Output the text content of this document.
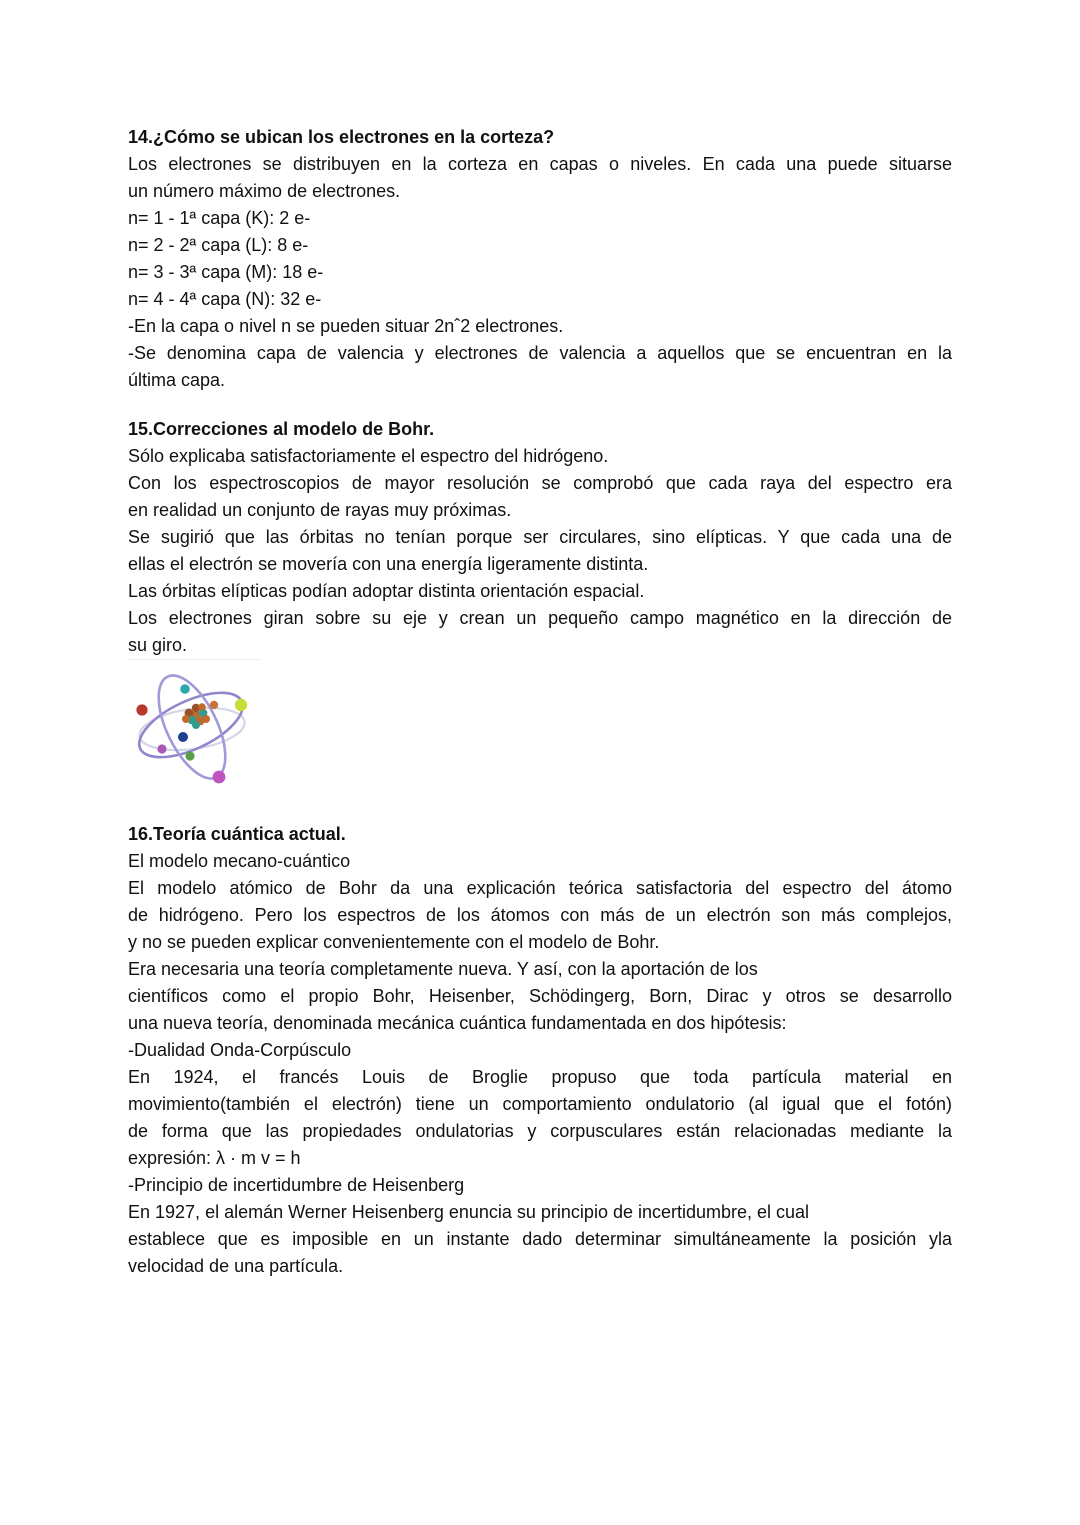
14.¿Cómo se ubican los electrones en la corteza?
Los electrones se distribuyen en la corteza en capas o niveles. En cada una puede situarse
un número máximo de electrones.
n= 1 - 1ª capa (K): 2 e-
n= 2 - 2ª capa (L): 8 e-
n= 3 - 3ª capa (M): 18 e-
n= 4 - 4ª capa (N): 32 e-
-En la capa o nivel n se pueden situar 2nˆ2 electrones.
-Se denomina capa de valencia y electrones de valencia a aquellos que se encuentran en la
última capa.
15.Correcciones al modelo de Bohr.
Sólo explicaba satisfactoriamente el espectro del hidrógeno.
Con los espectroscopios de mayor resolución se comprobó que cada raya del espectro era
en realidad un conjunto de rayas muy próximas.
Se sugirió que las órbitas no tenían porque ser circulares, sino elípticas. Y que cada una de
ellas el electrón se movería con una energía ligeramente distinta.
Las órbitas elípticas podían adoptar distinta orientación espacial.
Los electrones giran sobre su eje y crean un pequeño campo magnético en la dirección de
su giro.
16.Teoría cuántica actual.
El modelo mecano-cuántico
El modelo atómico de Bohr da una explicación teórica satisfactoria del espectro del átomo
de hidrógeno. Pero los espectros de los átomos con más de un electrón son más complejos,
y no se pueden explicar convenientemente con el modelo de Bohr.
Era necesaria una teoría completamente nueva. Y así, con la aportación de los
científicos como el propio Bohr, Heisenber, Schödingerg, Born, Dirac y otros se desarrollo
una nueva teoría, denominada mecánica cuántica fundamentada en dos hipótesis:
-Dualidad Onda-Corpúsculo
En 1924, el francés Louis de Broglie propuso que toda partícula material en
movimiento(también el electrón) tiene un comportamiento ondulatorio (al igual que el fotón)
de forma que las propiedades ondulatorias y corpusculares están relacionadas mediante la
expresión: λ · m v = h
-Principio de incertidumbre de Heisenberg
En 1927, el alemán Werner Heisenberg enuncia su principio de incertidumbre, el cual
establece que es imposible en un instante dado determinar simultáneamente la posición yla
velocidad de una partícula.
